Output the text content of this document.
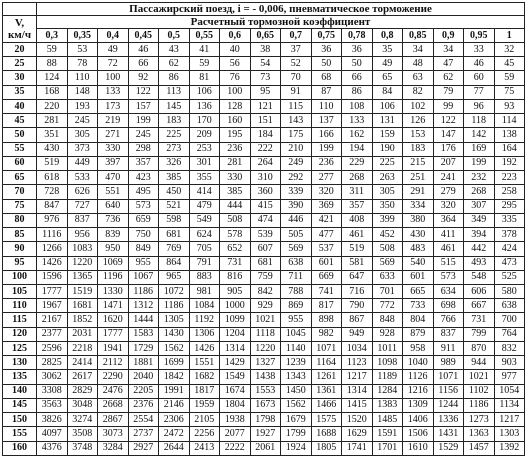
	Пассажирский поезд, i = - 0,006, пневматическое торможение															
V,
км/ч	Расчетный тормозной коэффициент															
	0,3	0,35	0,4	0,45	0,5	0,55	0,6	0,65	0,7	0,75	0,78	0,8	0,85	0,9	0,95	1
20	59	53	49	46	43	41	40	38	37	36	36	35	34	34	33	32
25	88	78	72	66	62	59	56	54	52	50	50	49	48	47	46	45
30	124	110	100	92	86	81	76	73	70	68	66	65	63	62	60	59
35	168	148	133	122	113	106	100	95	91	87	86	84	82	79	77	75
40	220	193	173	157	145	136	128	121	115	110	108	106	102	99	96	93
45	281	245	219	199	183	170	160	151	143	137	133	131	126	122	118	114
50	351	305	271	245	225	209	195	184	175	166	162	159	153	147	142	138
55	430	373	330	298	273	253	236	222	210	199	194	190	183	176	169	164
60	519	449	397	357	326	301	281	264	249	236	229	225	215	207	199	192
65	618	533	470	423	385	355	330	310	292	277	268	263	251	241	232	223
70	728	626	551	495	450	414	385	360	339	320	311	305	291	279	268	258
75	847	727	640	573	521	479	444	415	390	369	357	350	334	320	307	295
80	976	837	736	659	598	549	508	474	446	421	408	399	380	364	349	335
85	1116	956	839	750	681	624	578	539	505	477	461	452	430	411	394	378
90	1266	1083	950	849	769	705	652	607	569	537	519	508	483	461	442	424
95	1426	1220	1069	955	864	791	731	681	638	601	581	569	540	515	493	473
100	1596	1365	1196	1067	965	883	816	759	711	669	647	633	601	573	548	525
105	1777	1519	1330	1186	1072	981	905	842	788	741	716	701	665	634	606	580
110	1967	1681	1471	1312	1186	1084	1000	929	869	817	790	772	733	698	667	638
115	2167	1852	1620	1444	1305	1192	1099	1021	955	898	867	848	804	766	731	700
120	2377	2031	1777	1583	1430	1306	1204	1118	1045	982	949	928	879	837	799	764
125	2596	2218	1941	1729	1562	1426	1314	1220	1140	1071	1034	1011	958	911	870	832
130	2825	2414	2112	1881	1699	1551	1429	1327	1239	1164	1123	1098	1040	989	944	903
135	3062	2617	2290	2040	1842	1682	1549	1438	1343	1261	1217	1189	1126	1071	1021	977
140	3308	2829	2476	2205	1991	1817	1674	1553	1450	1361	1314	1284	1216	1156	1102	1054
145	3563	3048	2668	2376	2146	1959	1804	1673	1562	1466	1415	1383	1309	1244	1186	1134
150	3826	3274	2867	2554	2306	2105	1938	1798	1679	1575	1520	1485	1406	1336	1273	1217
155	4097	3508	3073	2737	2472	2256	2077	1927	1799	1688	1629	1591	1506	1431	1363	1303
160	4376	3748	3284	2927	2644	2413	2222	2061	1924	1805	1741	1701	1610	1529	1457	1392
